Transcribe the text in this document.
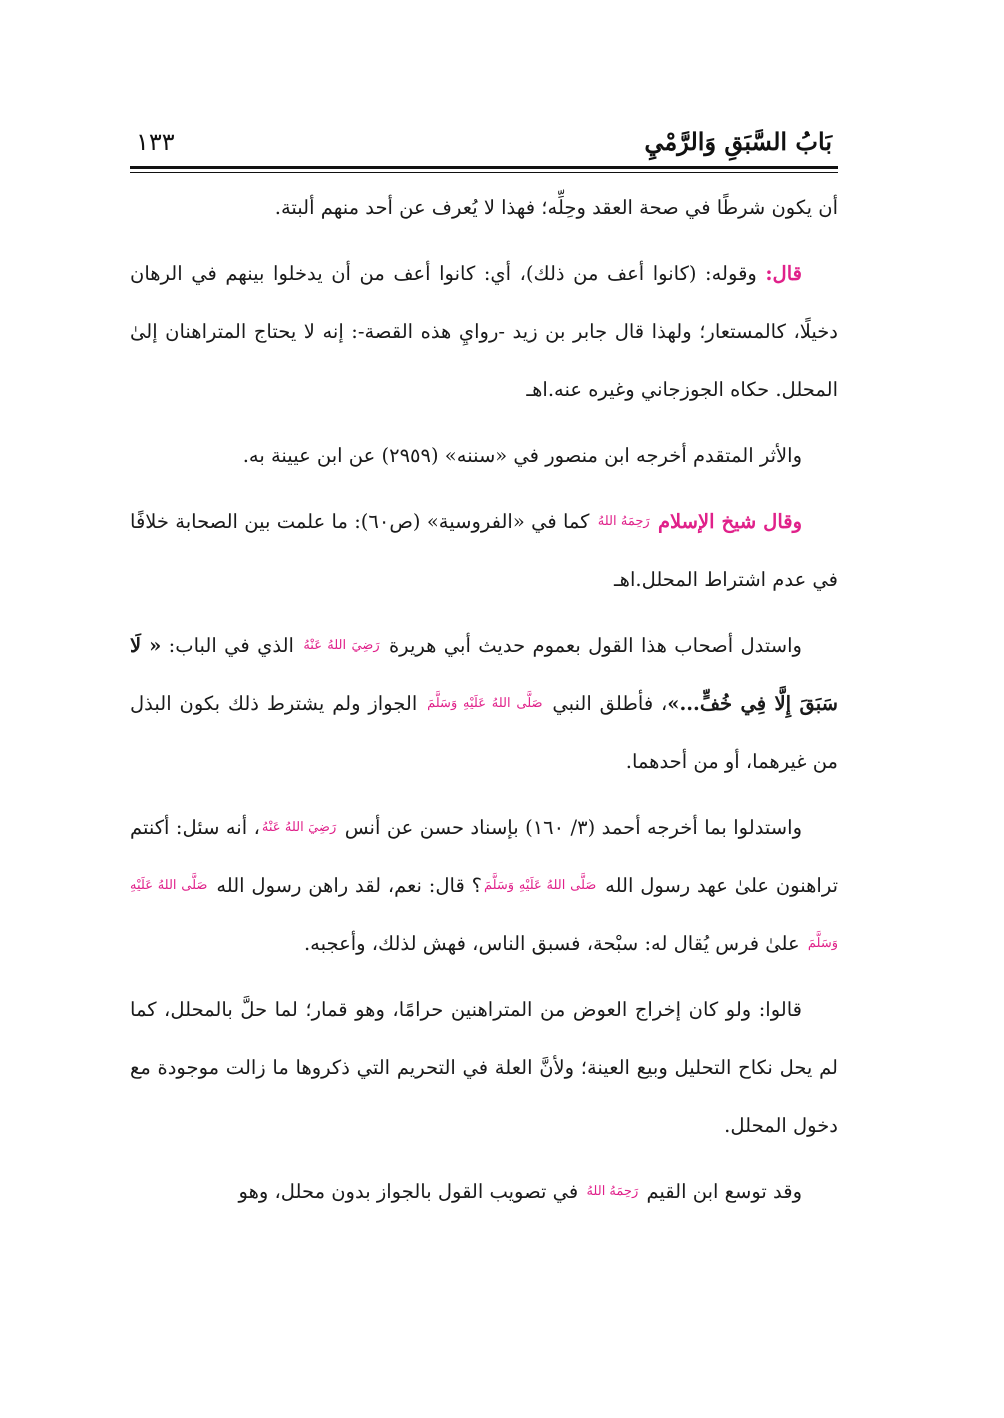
بَابُ السَّبَقِ وَالرَّمْيِ
١٣٣

أن يكون شرطًا في صحة العقد وحِلِّه؛ فهذا لا يُعرف عن أحد منهم ألبتة.

قال: وقوله: (كانوا أعف من ذلك)، أي: كانوا أعف من أن يدخلوا بينهم في الرهان دخيلًا، كالمستعار؛ ولهذا قال جابر بن زيد -روايِ هذه القصة-: إنه لا يحتاج المتراهنان إلىٰ المحلل. حكاه الجوزجاني وغيره عنه.اهـ

والأثر المتقدم أخرجه ابن منصور في «سننه» (٢٩٥٩) عن ابن عيينة به.

وقال شيخ الإسلام رَحِمَهُ اللهُ كما في «الفروسية» (ص٦٠): ما علمت بين الصحابة خلافًا في عدم اشتراط المحلل.اهـ

واستدل أصحاب هذا القول بعموم حديث أبي هريرة رَضِيَ اللهُ عَنْهُ الذي في الباب: « لَا سَبَقَ إِلَّا فِي خُفٍّ...»، فأطلق النبي صَلَّى اللهُ عَلَيْهِ وَسَلَّمَ الجواز ولم يشترط ذلك بكون البذل من غيرهما، أو من أحدهما.

واستدلوا بما أخرجه أحمد (٣/ ١٦٠) بإسناد حسن عن أنس رَضِيَ اللهُ عَنْهُ، أنه سئل: أكنتم تراهنون علىٰ عهد رسول الله صَلَّى اللهُ عَلَيْهِ وَسَلَّمَ؟ قال: نعم، لقد راهن رسول الله صَلَّى اللهُ عَلَيْهِ وَسَلَّمَ علىٰ فرس يُقال له: سبْحة، فسبق الناس، فهش لذلك، وأعجبه.

قالوا: ولو كان إخراج العوض من المتراهنين حرامًا، وهو قمار؛ لما حلَّ بالمحلل، كما لم يحل نكاح التحليل وبيع العينة؛ ولأنَّ العلة في التحريم التي ذكروها ما زالت موجودة مع دخول المحلل.

وقد توسع ابن القيم رَحِمَهُ اللهُ في تصويب القول بالجواز بدون محلل، وهو
